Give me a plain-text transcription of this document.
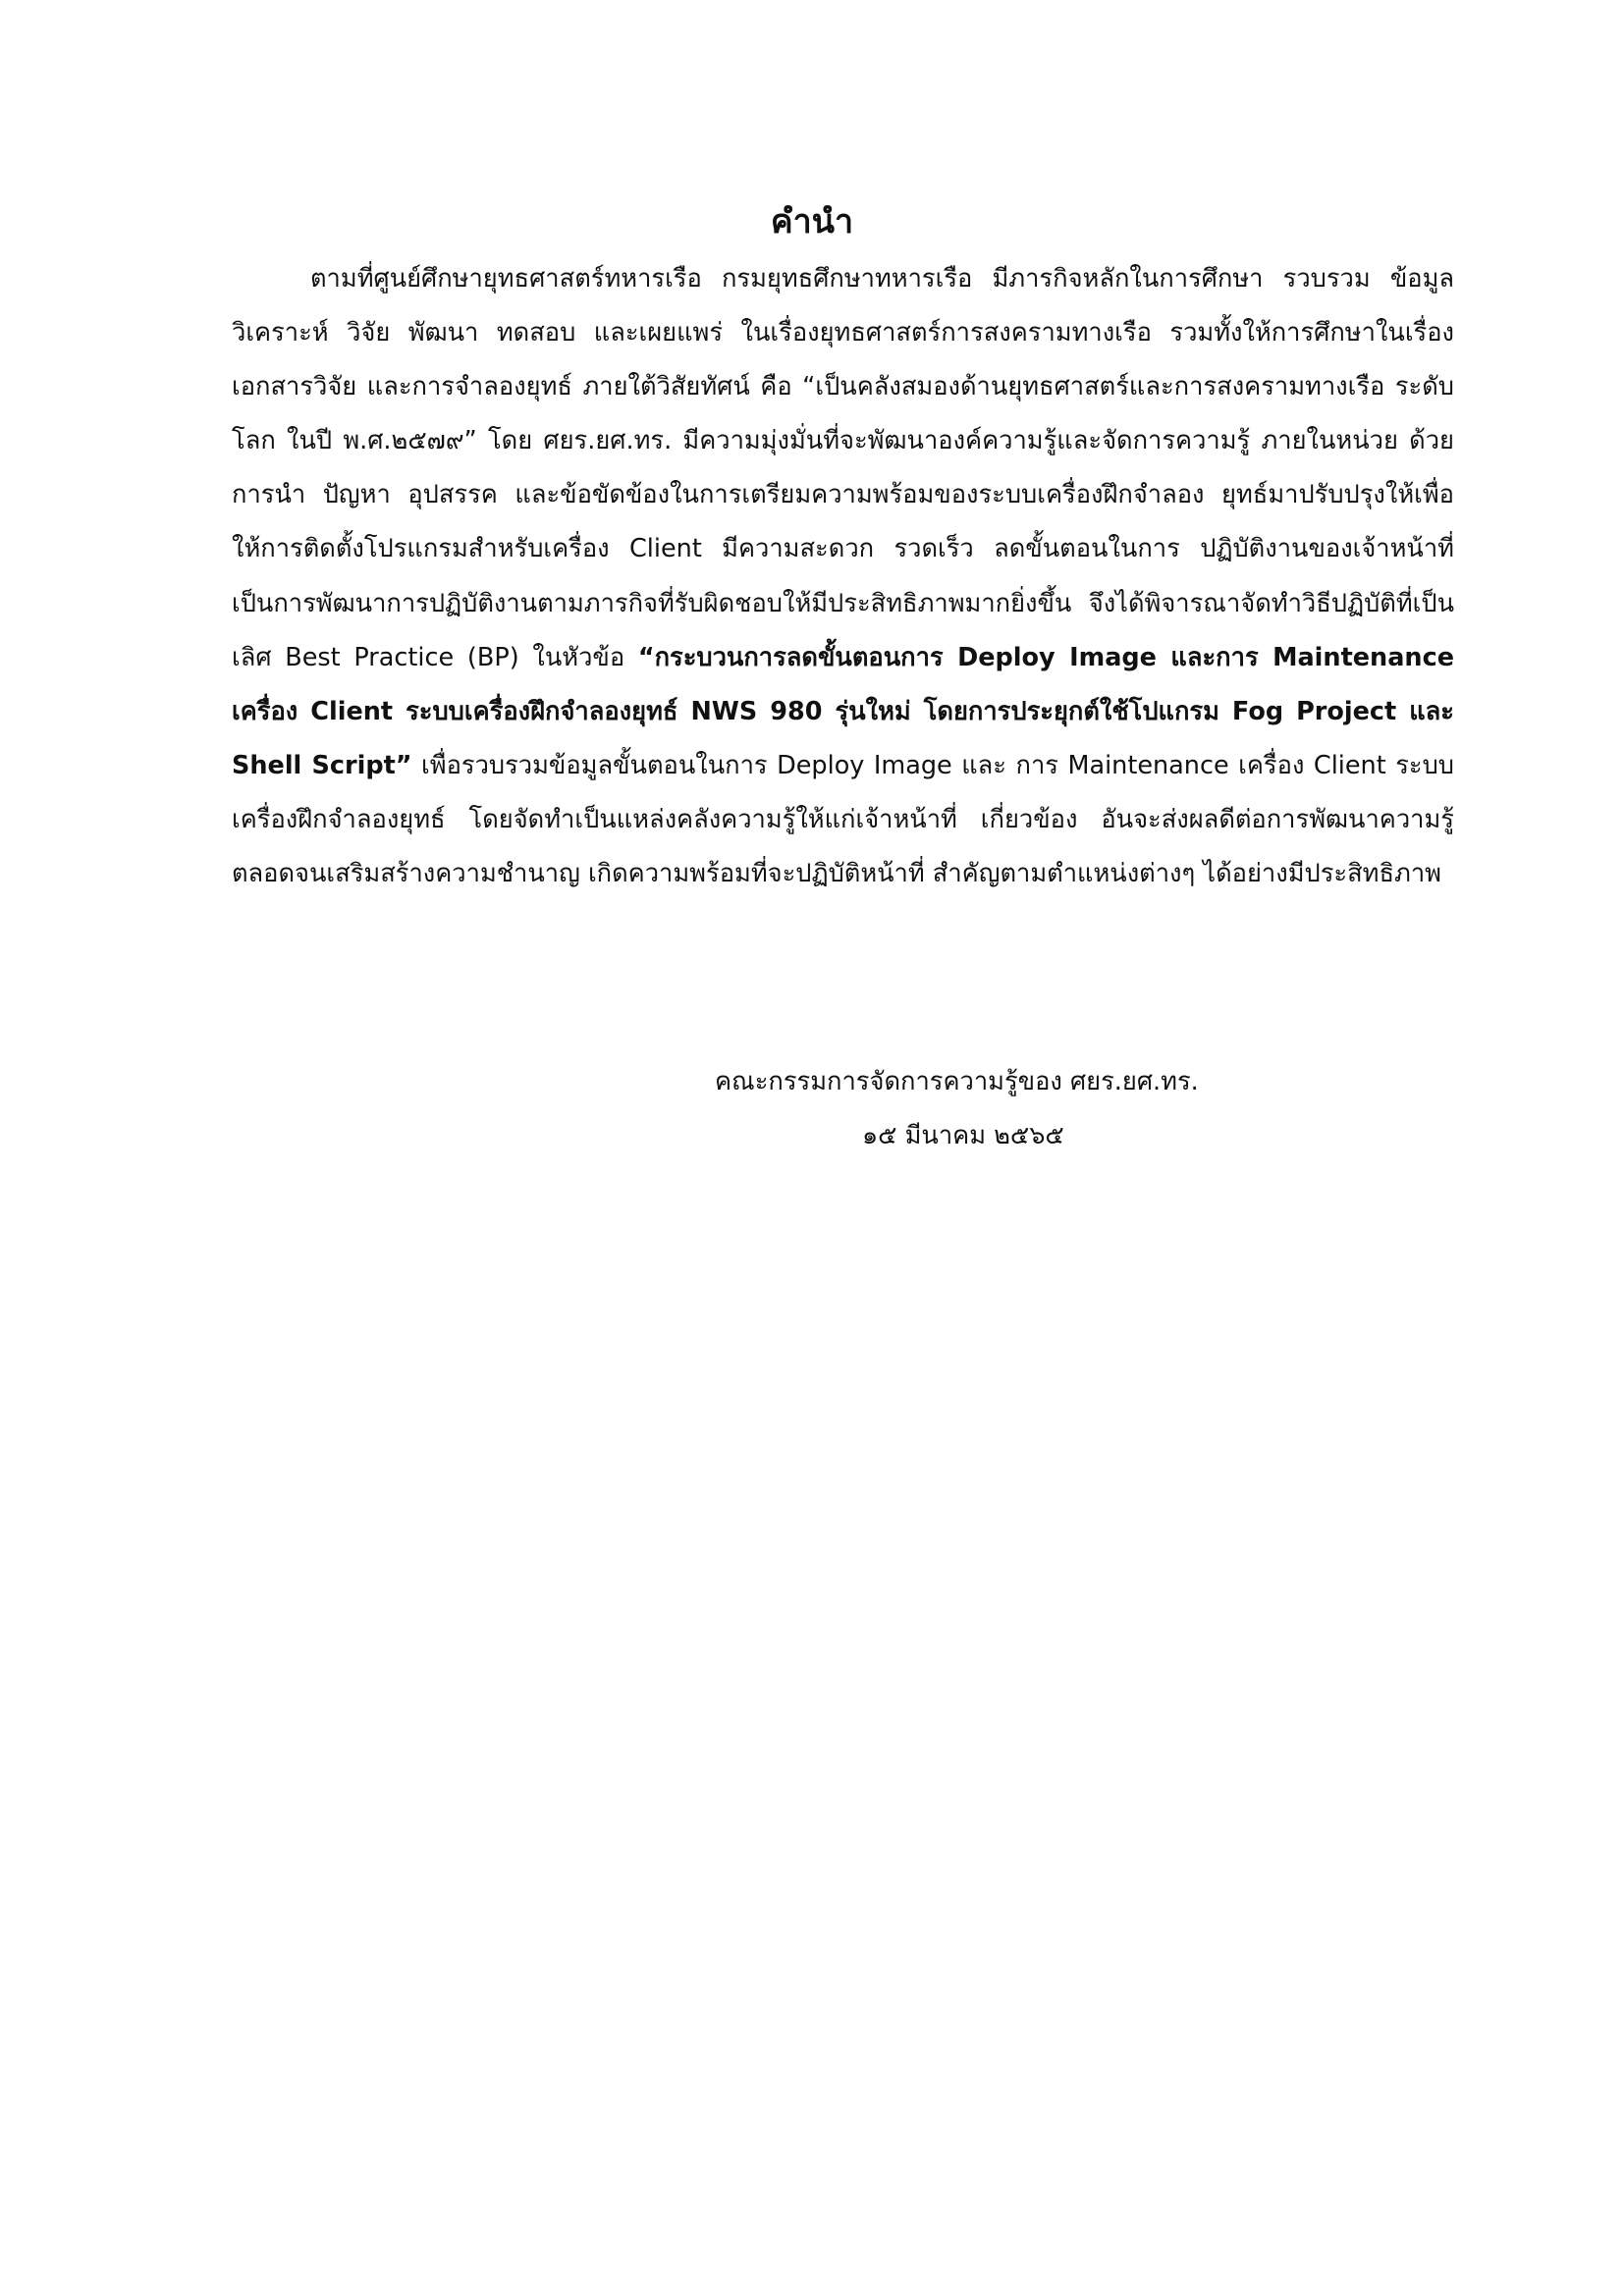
คำนำ

ตามที่ศูนย์ศึกษายุทธศาสตร์ทหารเรือ กรมยุทธศึกษาทหารเรือ มีภารกิจหลักในการศึกษา รวบรวม ข้อมูล วิเคราะห์ วิจัย พัฒนา ทดสอบ และเผยแพร่ ในเรื่องยุทธศาสตร์การสงครามทางเรือ รวมทั้งให้การศึกษาในเรื่อง เอกสารวิจัย และการจำลองยุทธ์ ภายใต้วิสัยทัศน์ คือ “เป็นคลังสมองด้านยุทธศาสตร์และการสงครามทางเรือ ระดับโลก ในปี พ.ศ.๒๕๗๙” โดย ศยร.ยศ.ทร. มีความมุ่งมั่นที่จะพัฒนาองค์ความรู้และจัดการความรู้ ภายในหน่วย ด้วยการนำ ปัญหา อุปสรรค และข้อขัดข้องในการเตรียมความพร้อมของระบบเครื่องฝึกจำลอง ยุทธ์มาปรับปรุงให้เพื่อให้การติดตั้งโปรแกรมสำหรับเครื่อง Client มีความสะดวก รวดเร็ว ลดขั้นตอนในการ ปฏิบัติงานของเจ้าหน้าที่ เป็นการพัฒนาการปฏิบัติงานตามภารกิจที่รับผิดชอบให้มีประสิทธิภาพมากยิ่งขึ้น จึงได้พิจารณาจัดทำวิธีปฏิบัติที่เป็นเลิศ Best Practice (BP) ในหัวข้อ “กระบวนการลดขั้นตอนการ Deploy Image และการ Maintenance เครื่อง Client ระบบเครื่องฝึกจำลองยุทธ์ NWS 980 รุ่นใหม่ โดยการประยุกต์ใช้โปแกรม Fog Project และ Shell Script” เพื่อรวบรวมข้อมูลขั้นตอนในการ Deploy Image และ การ Maintenance เครื่อง Client ระบบเครื่องฝึกจำลองยุทธ์ โดยจัดทำเป็นแหล่งคลังความรู้ให้แก่เจ้าหน้าที่ เกี่ยวข้อง อันจะส่งผลดีต่อการพัฒนาความรู้ตลอดจนเสริมสร้างความชำนาญ เกิดความพร้อมที่จะปฏิบัติหน้าที่ สำคัญตามตำแหน่งต่างๆ ได้อย่างมีประสิทธิภาพ

คณะกรรมการจัดการความรู้ของ ศยร.ยศ.ทร.
๑๕ มีนาคม ๒๕๖๕
